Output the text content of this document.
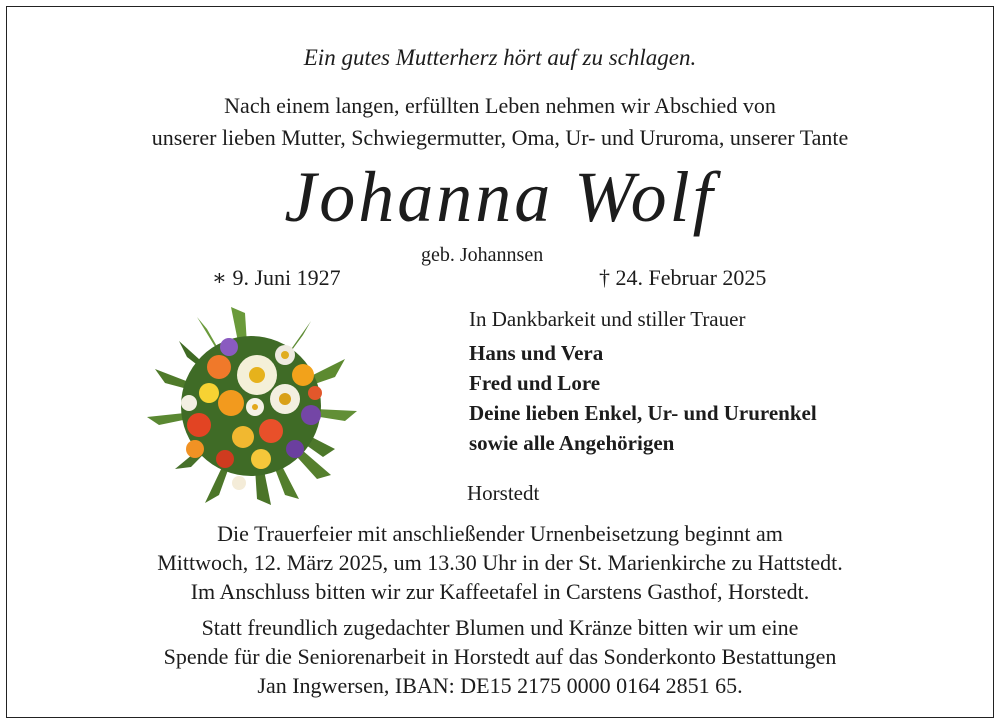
Ein gutes Mutterherz hört auf zu schlagen.
Nach einem langen, erfüllten Leben nehmen wir Abschied von
unserer lieben Mutter, Schwiegermutter, Oma, Ur- und Ururoma, unserer Tante
Johanna Wolf
geb. Johannsen
∗ 9. Juni 1927	† 24. Februar 2025

In Dankbarkeit und stiller Trauer

Hans und Vera

Fred und Lore

Deine lieben Enkel, Ur- und Ururenkel

sowie alle Angehörigen

Horstedt
Die Trauerfeier mit anschließender Urnenbeisetzung beginnt am
Mittwoch, 12. März 2025, um 13.30 Uhr in der St. Marienkirche zu Hattstedt.
Im Anschluss bitten wir zur Kaffeetafel in Carstens Gasthof, Horstedt.
Statt freundlich zugedachter Blumen und Kränze bitten wir um eine
Spende für die Seniorenarbeit in Horstedt auf das Sonderkonto Bestattungen
Jan Ingwersen, IBAN: DE15 2175 0000 0164 2851 65.
